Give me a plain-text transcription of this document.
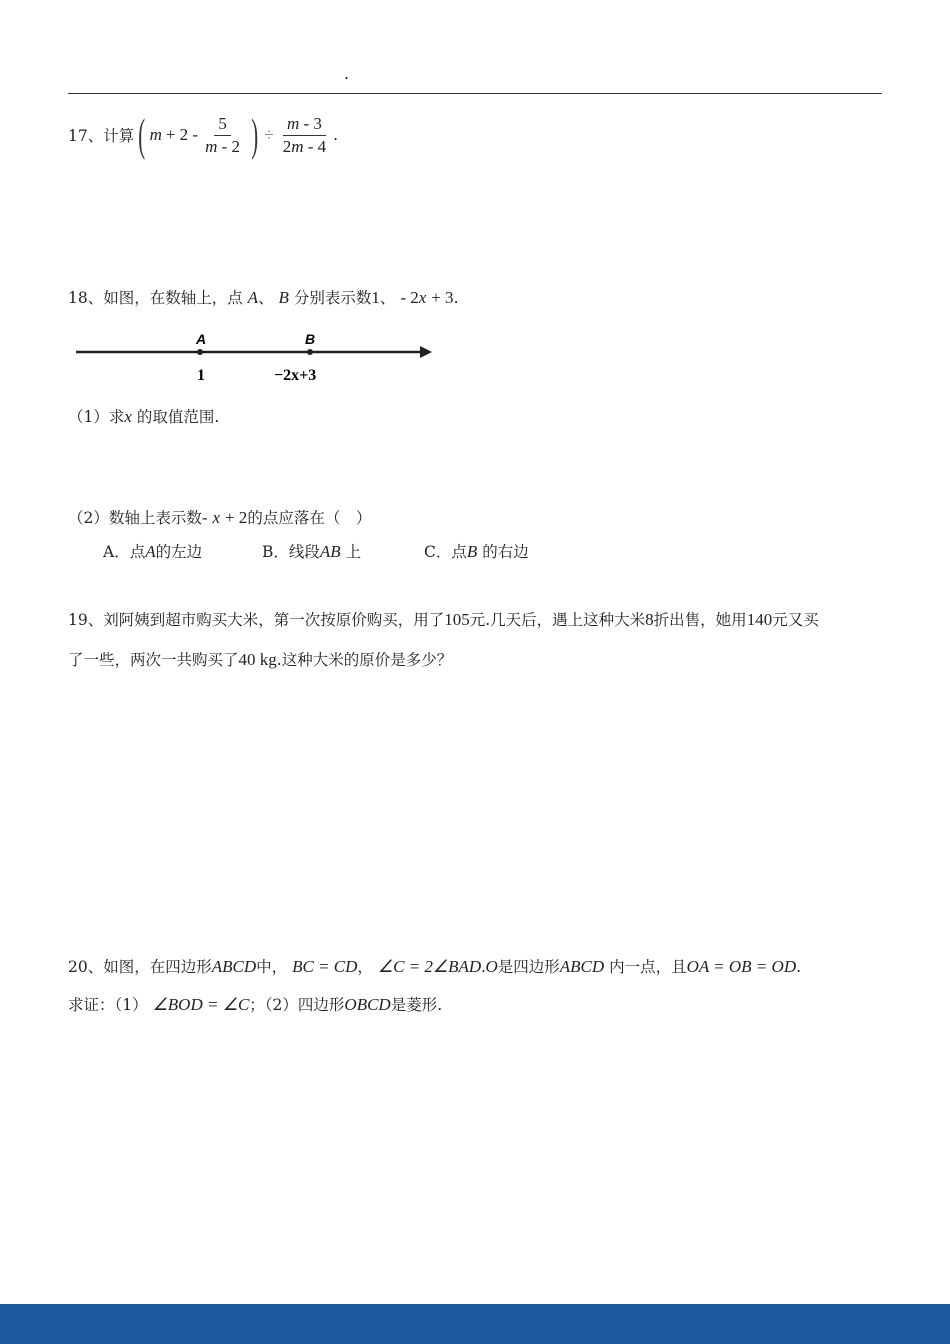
.
17、计算 ( $m + 2 - \frac{5}{m - 2}$ ) ÷ $\frac{m - 3}{2m - 4}$ .
18、如图，在数轴上，点 A、 B 分别表示数1、 - 2x + 3.
A	B
1	−2x+3
（1）求x 的取值范围.
（2）数轴上表示数- x + 2的点应落在（　）
A．点A的左边	B．线段AB 上	C．点B 的右边
19、刘阿姨到超市购买大米，第一次按原价购买，用了105元.几天后，遇上这种大米8折出售，她用140元又买
了一些，两次一共购买了40 kg.这种大米的原价是多少？
20、如图，在四边形ABCD中， BC = CD， ∠C = 2∠BAD.O是四边形ABCD 内一点，且OA = OB = OD.
求证：（1） ∠BOD = ∠C；（2）四边形OBCD是菱形.
